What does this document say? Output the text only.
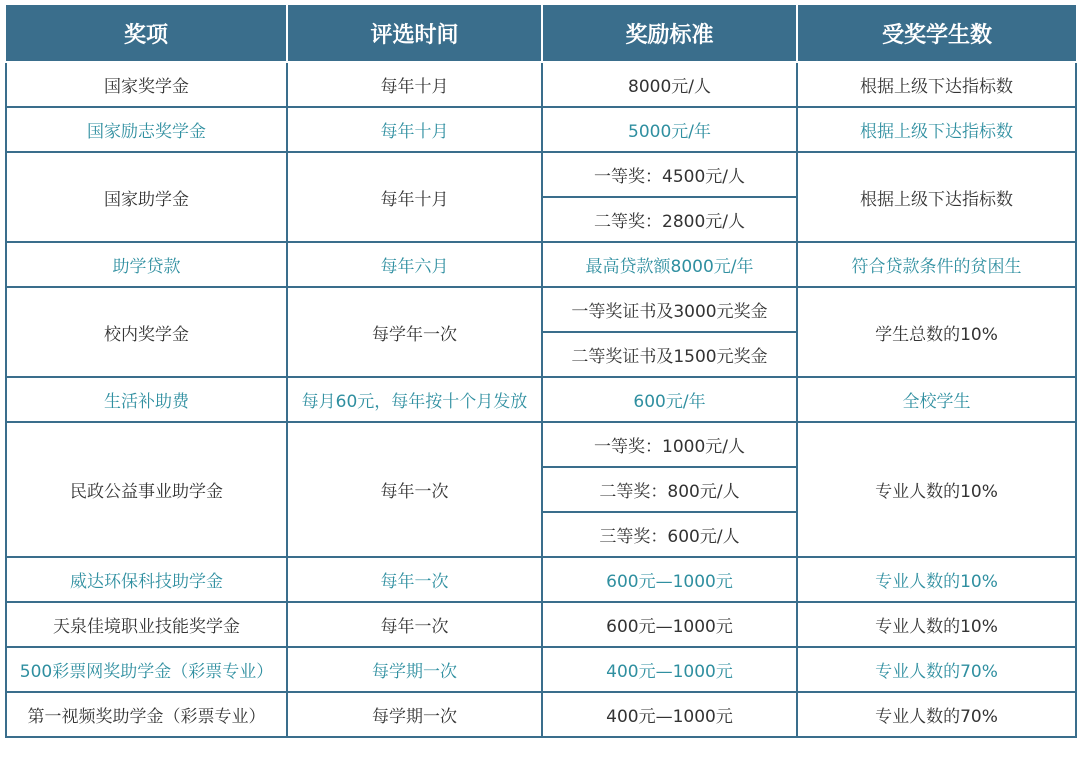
奖项	评选时间	奖励标准	受奖学生数
国家奖学金	每年十月	8000元/人	根据上级下达指标数
国家励志奖学金	每年十月	5000元/年	根据上级下达指标数
国家助学金	每年十月	一等奖：4500元/人	根据上级下达指标数
		二等奖：2800元/人	
助学贷款	每年六月	最高贷款额8000元/年	符合贷款条件的贫困生
校内奖学金	每学年一次	一等奖证书及3000元奖金	学生总数的10%
		二等奖证书及1500元奖金	
生活补助费	每月60元，每年按十个月发放	600元/年	全校学生
民政公益事业助学金	每年一次	一等奖：1000元/人	专业人数的10%
		二等奖：800元/人	
		三等奖：600元/人	
威达环保科技助学金	每年一次	600元—1000元	专业人数的10%
天泉佳境职业技能奖学金	每年一次	600元—1000元	专业人数的10%
500彩票网奖助学金（彩票专业）	每学期一次	400元—1000元	专业人数的70%
第一视频奖助学金（彩票专业）	每学期一次	400元—1000元	专业人数的70%
